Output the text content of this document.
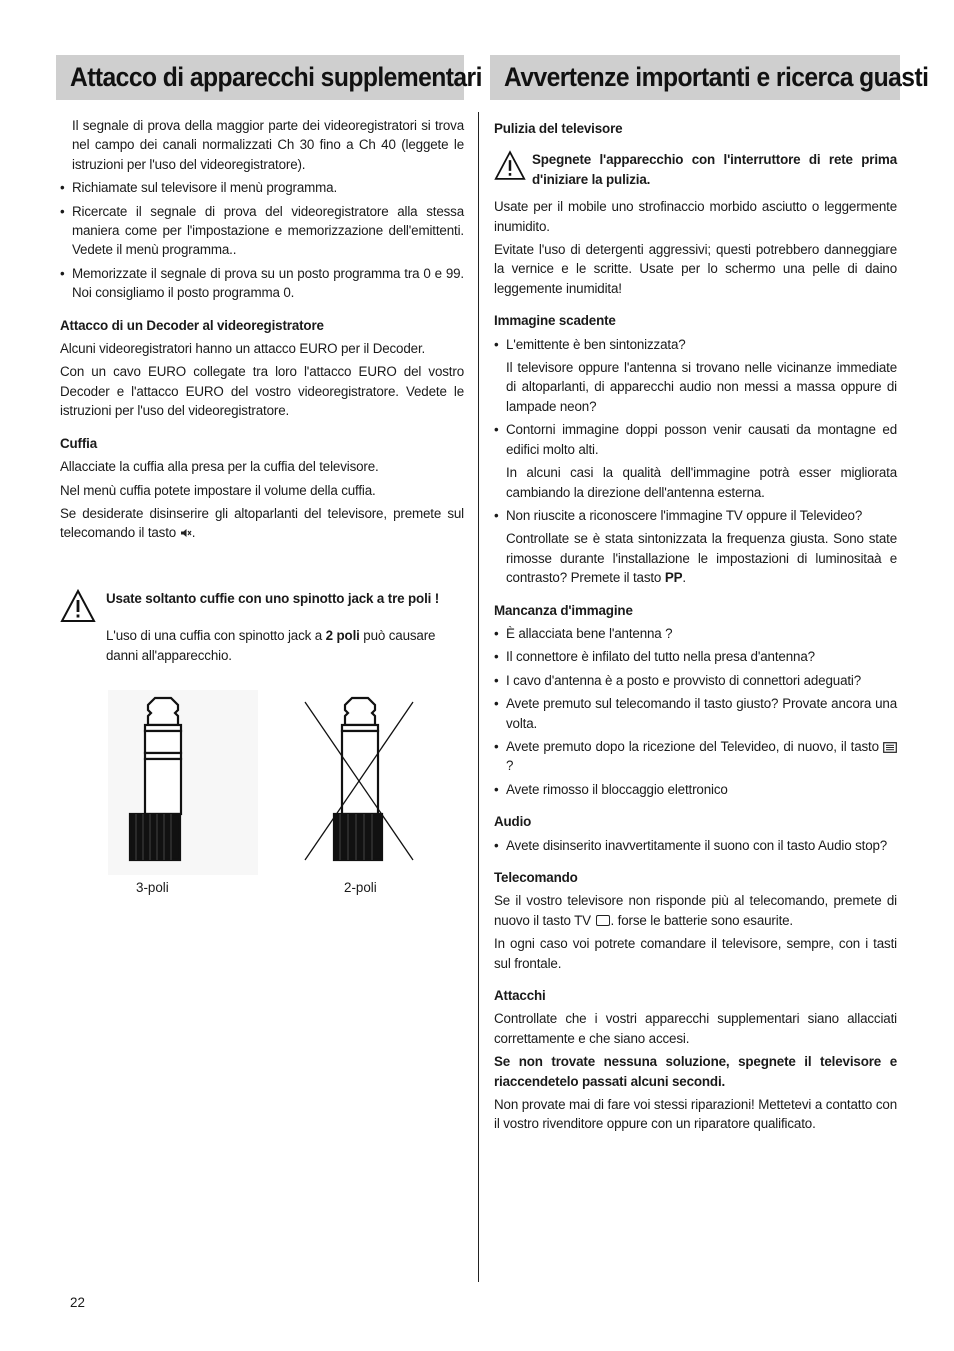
Attacco di apparecchi supplementari Avvertenze importanti e ricerca guasti

Il segnale di prova della maggior parte dei videoregistratori si trova nel campo dei canali normalizzati Ch 30 fino a Ch 40 (leggete le istruzioni per l'uso del videoregistratore).

• Richiamate sul televisore il menù programma.
• Ricercate il segnale di prova del videoregistratore alla stessa maniera come per l'impostazione e memorizzazione dell'emittenti. Vedete il menù programma..
• Memorizzate il segnale di prova su un posto programma tra 0 e 99. Noi consigliamo il posto programma 0.

Attacco di un Decoder al videoregistratore

Alcuni videoregistratori hanno un attacco EURO per il Decoder.

Con un cavo EURO collegate tra loro l'attacco EURO del vostro Decoder e l'attacco EURO del vostro videoregistratore. Vedete le istruzioni per l'uso del videoregistratore.

Cuffia

Allacciate la cuffia alla presa per la cuffia del televisore.

Nel menù cuffia potete impostare il volume della cuffia.

Se desiderate disinserire gli altoparlanti del televisore, premete sul telecomando il tasto .

Usate soltanto cuffie con uno spinotto jack a tre poli !

L'uso di una cuffia con spinotto jack a 2 poli può causare danni all'apparecchio.

3-poli	2-poli

Pulizia del televisore

Spegnete l'apparecchio con l'interruttore di rete prima d'iniziare la pulizia.

Usate per il mobile uno strofinaccio morbido asciutto o leggermente inumidito.

Evitate l'uso di detergenti aggressivi; questi potrebbero danneggiare la vernice e le scritte. Usate per lo schermo una pelle di daino leggemente inumidita!

Immagine scadente

• L'emittente è ben sintonizzata?

Il televisore oppure l'antenna si trovano nelle vicinanze immediate di altoparlanti, di apparecchi audio non messi a massa oppure di lampade neon?

• Contorni immagine doppi posson venir causati da montagne ed edifici molto alti.

In alcuni casi la qualità dell'immagine potrà esser migliorata cambiando la direzione dell'antenna esterna.

• Non riuscite a riconoscere l'immagine TV oppure il Televideo?

Controllate se è stata sintonizzata la frequenza giusta. Sono state rimosse durante l'installazione le impostazioni di luminositaà e contrasto? Premete il tasto PP.

Mancanza d'immagine

• È allacciata bene l'antenna ?
• Il connettore è infilato del tutto nella presa d'antenna?
• I cavo d'antenna è a posto e provvisto di connettori adeguati?
• Avete premuto sul telecomando il tasto giusto? Provate ancora una volta.
• Avete premuto dopo la ricezione del Televideo, di nuovo, il tasto ?
• Avete rimosso il bloccaggio elettronico

Audio

• Avete disinserito inavvertitamente il suono con il tasto Audio stop?

Telecomando

Se il vostro televisore non risponde più al telecomando, premete di nuovo il tasto TV . forse le batterie sono esaurite.

In ogni caso voi potrete comandare il televisore, sempre, con i tasti sul frontale.

Attacchi

Controllate che i vostri apparecchi supplementari siano allacciati correttamente e che siano accesi.

Se non trovate nessuna soluzione, spegnete il televisore e riaccendetelo passati alcuni secondi.

Non provate mai di fare voi stessi riparazioni! Mettetevi a contatto con il vostro rivenditore oppure con un riparatore qualificato.

22
